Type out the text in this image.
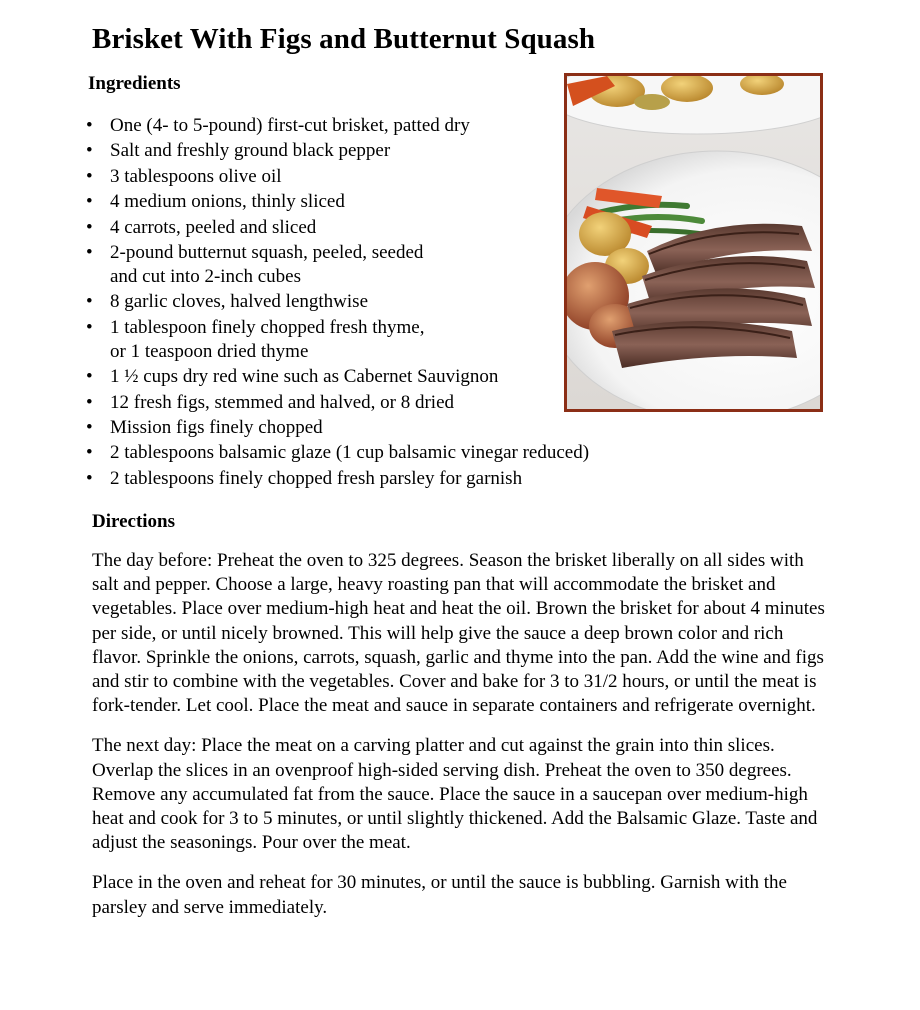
Brisket With Figs and Butternut Squash
Ingredients
• One (4- to 5-pound) first-cut brisket, patted dry
• Salt and freshly ground black pepper
• 3 tablespoons olive oil
• 4 medium onions, thinly sliced
• 4 carrots, peeled and sliced
• 2-pound butternut squash, peeled, seeded
and cut into 2-inch cubes
• 8 garlic cloves, halved lengthwise
• 1 tablespoon finely chopped fresh thyme,
or 1 teaspoon dried thyme
• 1 ½ cups dry red wine such as Cabernet Sauvignon
• 12 fresh figs, stemmed and halved, or 8 dried
• Mission figs finely chopped
• 2 tablespoons balsamic glaze (1 cup balsamic vinegar reduced)
• 2 tablespoons finely chopped fresh parsley for garnish
Directions

The day before: Preheat the oven to 325 degrees. Season the brisket liberally on all sides with salt and pepper. Choose a large, heavy roasting pan that will accommodate the brisket and vegetables. Place over medium-high heat and heat the oil. Brown the brisket for about 4 minutes per side, or until nicely browned. This will help give the sauce a deep brown color and rich flavor. Sprinkle the onions, carrots, squash, garlic and thyme into the pan. Add the wine and figs and stir to combine with the vegetables. Cover and bake for 3 to 31/2 hours, or until the meat is fork-tender. Let cool. Place the meat and sauce in separate containers and refrigerate overnight.

The next day: Place the meat on a carving platter and cut against the grain into thin slices. Overlap the slices in an ovenproof high-sided serving dish. Preheat the oven to 350 degrees. Remove any accumulated fat from the sauce. Place the sauce in a saucepan over medium-high heat and cook for 3 to 5 minutes, or until slightly thickened. Add the Balsamic Glaze. Taste and adjust the seasonings. Pour over the meat.

Place in the oven and reheat for 30 minutes, or until the sauce is bubbling. Garnish with the parsley and serve immediately.
